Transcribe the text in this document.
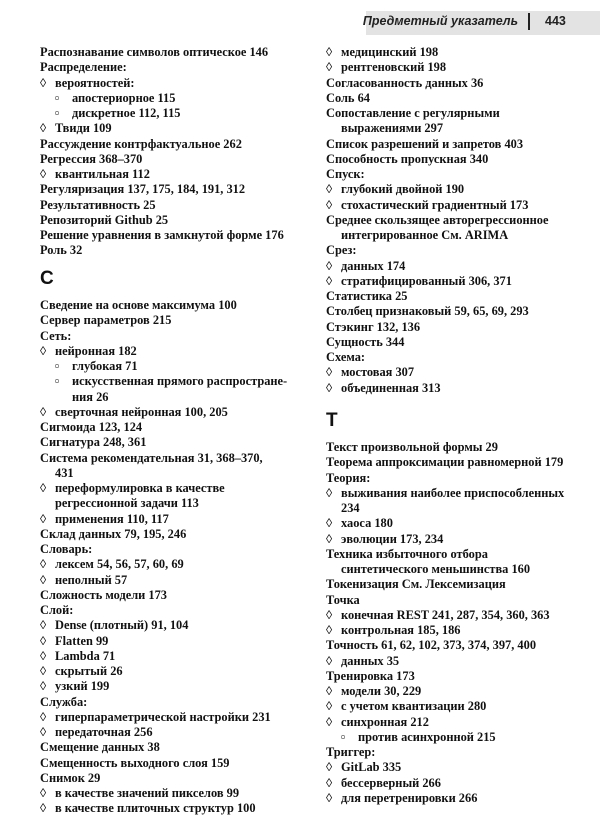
Предметный указатель 443
Распознавание символов оптическое 146
Распределение:
◊ вероятностей:
▫ апостериорное 115
▫ дискретное 112, 115
◊ Твиди 109
Рассуждение контрфактуальное 262
Регрессия 368–370
◊ квантильная 112
Регуляризация 137, 175, 184, 191, 312
Результативность 25
Репозиторий Github 25
Решение уравнения в замкнутой форме 176
Роль 32
С
Сведение на основе максимума 100
Сервер параметров 215
Сеть:
◊ нейронная 182
▫ глубокая 71
▫ искусственная прямого распростране-
ния 26
◊ сверточная нейронная 100, 205
Сигмоида 123, 124
Сигнатура 248, 361
Система рекомендательная 31, 368–370,
431
◊ переформулировка в качестве
регрессионной задачи 113
◊ применения 110, 117
Склад данных 79, 195, 246
Словарь:
◊ лексем 54, 56, 57, 60, 69
◊ неполный 57
Сложность модели 173
Слой:
◊ Dense (плотный) 91, 104
◊ Flatten 99
◊ Lambda 71
◊ скрытый 26
◊ узкий 199
Служба:
◊ гиперпараметрической настройки 231
◊ передаточная 256
Смещение данных 38
Смещенность выходного слоя 159
Снимок 29
◊ в качестве значений пикселов 99
◊ в качестве плиточных структур 100
◊ медицинский 198
◊ рентгеновский 198
Согласованность данных 36
Соль 64
Сопоставление с регулярными
выражениями 297
Список разрешений и запретов 403
Способность пропускная 340
Спуск:
◊ глубокий двойной 190
◊ стохастический градиентный 173
Среднее скользящее авторегрессионное
интегрированное См. ARIMA
Срез:
◊ данных 174
◊ стратифицированный 306, 371
Статистика 25
Столбец признаковый 59, 65, 69, 293
Стэкинг 132, 136
Сущность 344
Схема:
◊ мостовая 307
◊ объединенная 313
Т
Текст произвольной формы 29
Теорема аппроксимации равномерной 179
Теория:
◊ выживания наиболее приспособленных
234
◊ хаоса 180
◊ эволюции 173, 234
Техника избыточного отбора
синтетического меньшинства 160
Токенизация См. Лексемизация
Точка
◊ конечная REST 241, 287, 354, 360, 363
◊ контрольная 185, 186
Точность 61, 62, 102, 373, 374, 397, 400
◊ данных 35
Тренировка 173
◊ модели 30, 229
◊ с учетом квантизации 280
◊ синхронная 212
▫ против асинхронной 215
Триггер:
◊ GitLab 335
◊ бессерверный 266
◊ для перетренировки 266
